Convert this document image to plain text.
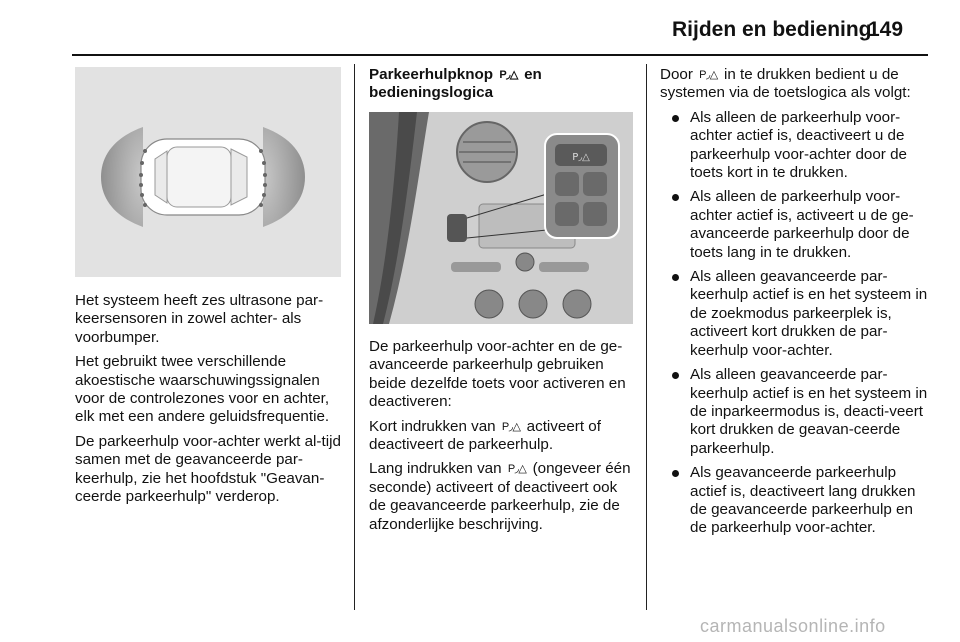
Rijden en bediening
149
P◞△

Het systeem heeft zes ultrasone par-keersensoren in zowel achter- als voorbumper.

Het gebruikt twee verschillende akoestische waarschuwingssignalen voor de controlezones voor en achter, elk met een andere geluidsfrequentie.

De parkeerhulp voor-achter werkt al-tijd samen met de geavanceerde par-keerhulp, zie het hoofdstuk "Geavan-ceerde parkeerhulp" verderop.

Parkeerhulpknop P◞△ en bedieningslogica

De parkeerhulp voor-achter en de ge-avanceerde parkeerhulp gebruiken beide dezelfde toets voor activeren en deactiveren:

Kort indrukken van P◞△ activeert of deactiveert de parkeerhulp.

Lang indrukken van P◞△ (ongeveer één seconde) activeert of deactiveert ook de geavanceerde parkeerhulp, zie de afzonderlijke beschrijving.

Door P◞△ in te drukken bedient u de systemen via de toetslogica als volgt:

Als alleen de parkeerhulp voor-achter actief is, deactiveert u de parkeerhulp voor-achter door de toets kort in te drukken.
Als alleen de parkeerhulp voor-achter actief is, activeert u de ge-avanceerde parkeerhulp door de toets lang in te drukken.
Als alleen geavanceerde par-keerhulp actief is en het systeem in de zoekmodus parkeerplek is, activeert kort drukken de par-keerhulp voor-achter.
Als alleen geavanceerde par-keerhulp actief is en het systeem in de inparkeermodus is, deacti-veert kort drukken de geavan-ceerde parkeerhulp.
Als geavanceerde parkeerhulp actief is, deactiveert lang drukken de geavanceerde parkeerhulp en de parkeerhulp voor-achter.
carmanualsonline.info
